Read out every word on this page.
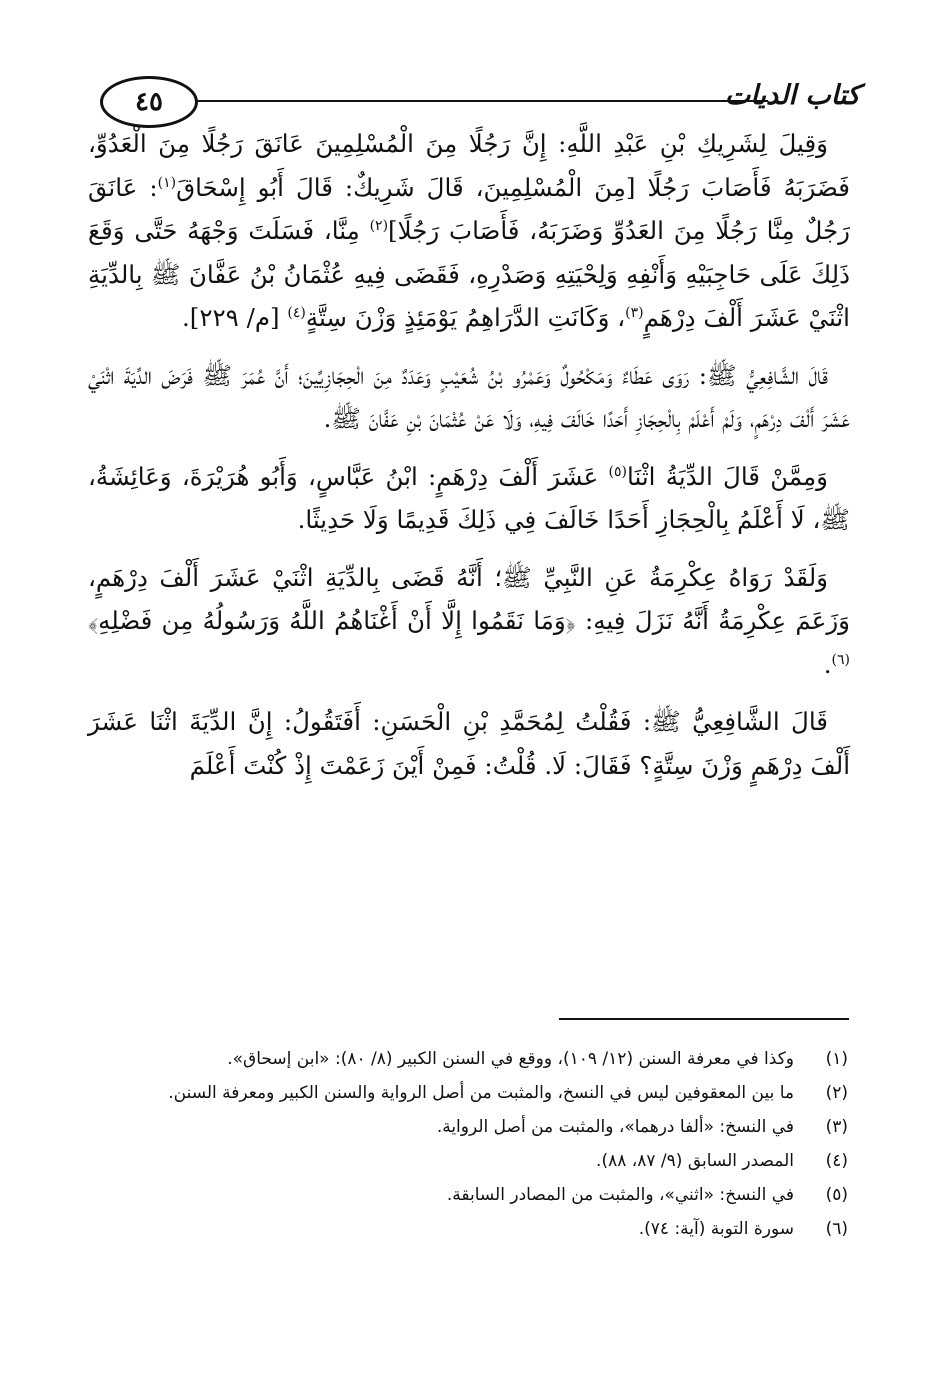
٤٥	كتاب الديات

وَقِيلَ لِشَرِيكِ بْنِ عَبْدِ اللَّهِ: إِنَّ رَجُلًا مِنَ الْمُسْلِمِينَ عَانَقَ رَجُلًا مِنَ الْعَدُوِّ، فَضَرَبَهُ فَأَصَابَ رَجُلًا [مِنَ الْمُسْلِمِينَ، قَالَ شَرِيكٌ: قَالَ أَبُو إِسْحَاقَ$^{(١)}$: عَانَقَ رَجُلٌ مِنَّا رَجُلًا مِنَ العَدُوِّ وَضَرَبَهُ، فَأَصَابَ رَجُلًا]$^{(٢)}$ مِنَّا، فَسَلَتَ وَجْهَهُ حَتَّى وَقَعَ ذَلِكَ عَلَى حَاجِبَيْهِ وَأَنْفِهِ وَلِحْيَتِهِ وَصَدْرِهِ، فَقَضَى فِيهِ عُثْمَانُ بْنُ عَفَّانَ ﷺ بِالدِّيَةِ اثْنَيْ عَشَرَ أَلْفَ دِرْهَمٍ$^{(٣)}$، وَكَانَتِ الدَّرَاهِمُ يَوْمَئِذٍ وَزْنَ سِتَّةٍ$^{(٤)}$ [م/ ٢٢٩].

قَالَ الشَّافِعِيُّ ﷺ: رَوَى عَطَاءٌ وَمَكْحُولٌ وَعَمْرُو بْنُ شُعَيْبٍ وَعَدَدٌ مِنَ الْحِجَازِيِّينَ؛ أَنَّ عُمَرَ ﷺ فَرَضَ الدِّيَةَ اثْنَيْ عَشَرَ أَلْفَ دِرْهَمٍ، وَلَمْ أَعْلَمْ بِالْحِجَازِ أَحَدًا خَالَفَ فِيهِ، وَلَا عَنْ عُثْمَانَ بْنِ عَفَّانَ ﷺ.

وَمِمَّنْ قَالَ الدِّيَةُ اثْنَا$^{(٥)}$ عَشَرَ أَلْفَ دِرْهَمٍ: ابْنُ عَبَّاسٍ، وَأَبُو هُرَيْرَةَ، وَعَائِشَةُ، ﷺ، لَا أَعْلَمُ بِالْحِجَازِ أَحَدًا خَالَفَ فِي ذَلِكَ قَدِيمًا وَلَا حَدِيثًا.

وَلَقَدْ رَوَاهُ عِكْرِمَةُ عَنِ النَّبِيِّ ﷺ؛ أَنَّهُ قَضَى بِالدِّيَةِ اثْنَيْ عَشَرَ أَلْفَ دِرْهَمٍ، وَزَعَمَ عِكْرِمَةُ أَنَّهُ نَزَلَ فِيهِ: ﴿وَمَا نَقَمُوا إِلَّا أَنْ أَغْنَاهُمُ اللَّهُ وَرَسُولُهُ مِن فَضْلِهِ﴾$^{(٦)}$.

قَالَ الشَّافِعِيُّ ﷺ: فَقُلْتُ لِمُحَمَّدِ بْنِ الْحَسَنِ: أَفَتَقُولُ: إِنَّ الدِّيَةَ اثْنَا عَشَرَ أَلْفَ دِرْهَمٍ وَزْنَ سِتَّةٍ؟ فَقَالَ: لَا. قُلْتُ: فَمِنْ أَيْنَ زَعَمْتَ إِذْ كُنْتَ أَعْلَمَ

(١)
وكذا في معرفة السنن (١٢/ ١٠٩)، ووقع في السنن الكبير (٨/ ٨٠): «ابن إسحاق».
(٢)
ما بين المعقوفين ليس في النسخ، والمثبت من أصل الرواية والسنن الكبير ومعرفة السنن.
(٣)
في النسخ: «ألفا درهما»، والمثبت من أصل الرواية.
(٤)
المصدر السابق (٩/ ٨٧، ٨٨).
(٥)
في النسخ: «اثني»، والمثبت من المصادر السابقة.
(٦)
سورة التوبة (آية: ٧٤).
